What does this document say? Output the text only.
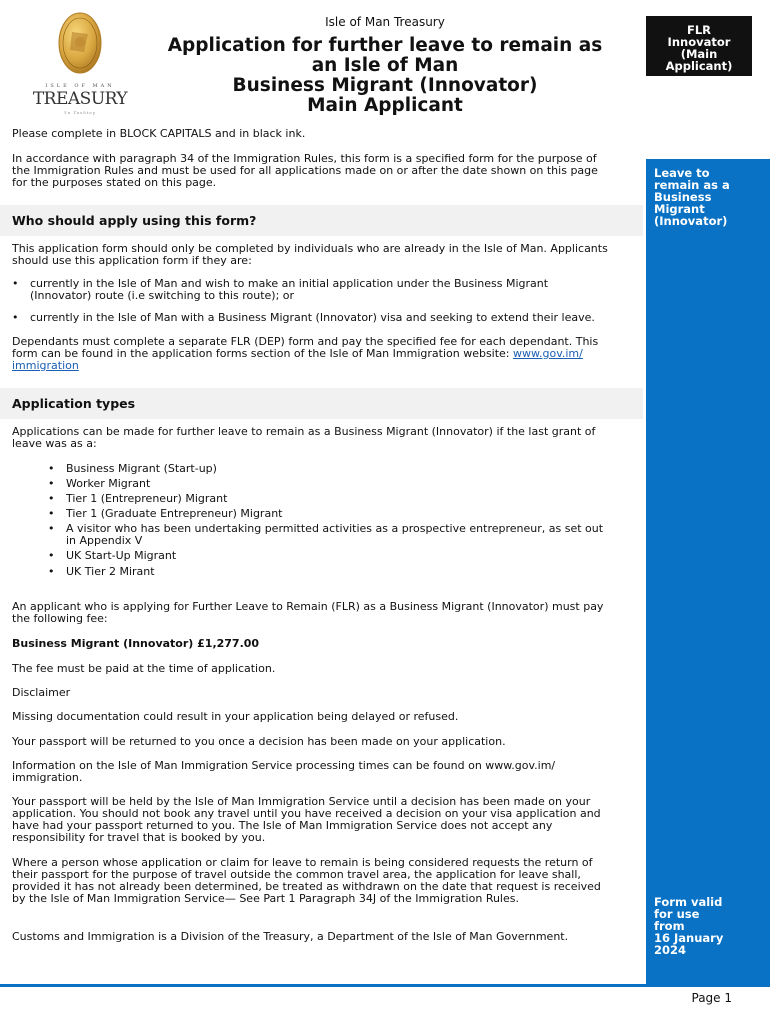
ISLE OF MAN
TREASURY
Yn Tashtey
Isle of Man Treasury
Application for further leave to remain as
an Isle of Man
Business Migrant (Innovator)
Main Applicant
FLR
Innovator
(Main
Applicant)
Leave to
remain as a
Business
Migrant
(Innovator)
Form valid
for use
from
16 January
2024
Please complete in BLOCK CAPITALS and in black ink.
In accordance with paragraph 34 of the Immigration Rules, this form is a specified form for the purpose of
the Immigration Rules and must be used for all applications made on or after the date shown on this page
for the purposes stated on this page.
Who should apply using this form?
This application form should only be completed by individuals who are already in the Isle of Man. Applicants
should use this application form if they are:
• currently in the Isle of Man and wish to make an initial application under the Business Migrant
(Innovator) route (i.e switching to this route); or
• currently in the Isle of Man with a Business Migrant (Innovator) visa and seeking to extend their leave.
Dependants must complete a separate FLR (DEP) form and pay the specified fee for each dependant. This
form can be found in the application forms section of the Isle of Man Immigration website: www.gov.im/
immigration
Application types
Applications can be made for further leave to remain as a Business Migrant (Innovator) if the last grant of
leave was as a:
• Business Migrant (Start-up)
• Worker Migrant
• Tier 1 (Entrepreneur) Migrant
• Tier 1 (Graduate Entrepreneur) Migrant
• A visitor who has been undertaking permitted activities as a prospective entrepreneur, as set out
in Appendix V
• UK Start-Up Migrant
• UK Tier 2 Mirant
An applicant who is applying for Further Leave to Remain (FLR) as a Business Migrant (Innovator) must pay
the following fee:
Business Migrant (Innovator) £1,277.00
The fee must be paid at the time of application.
Disclaimer
Missing documentation could result in your application being delayed or refused.
Your passport will be returned to you once a decision has been made on your application.
Information on the Isle of Man Immigration Service processing times can be found on www.gov.im/
immigration.
Your passport will be held by the Isle of Man Immigration Service until a decision has been made on your
application. You should not book any travel until you have received a decision on your visa application and
have had your passport returned to you. The Isle of Man Immigration Service does not accept any
responsibility for travel that is booked by you.
Where a person whose application or claim for leave to remain is being considered requests the return of
their passport for the purpose of travel outside the common travel area, the application for leave shall,
provided it has not already been determined, be treated as withdrawn on the date that request is received
by the Isle of Man Immigration Service— See Part 1 Paragraph 34J of the Immigration Rules.
Customs and Immigration is a Division of the Treasury, a Department of the Isle of Man Government.
Page 1
